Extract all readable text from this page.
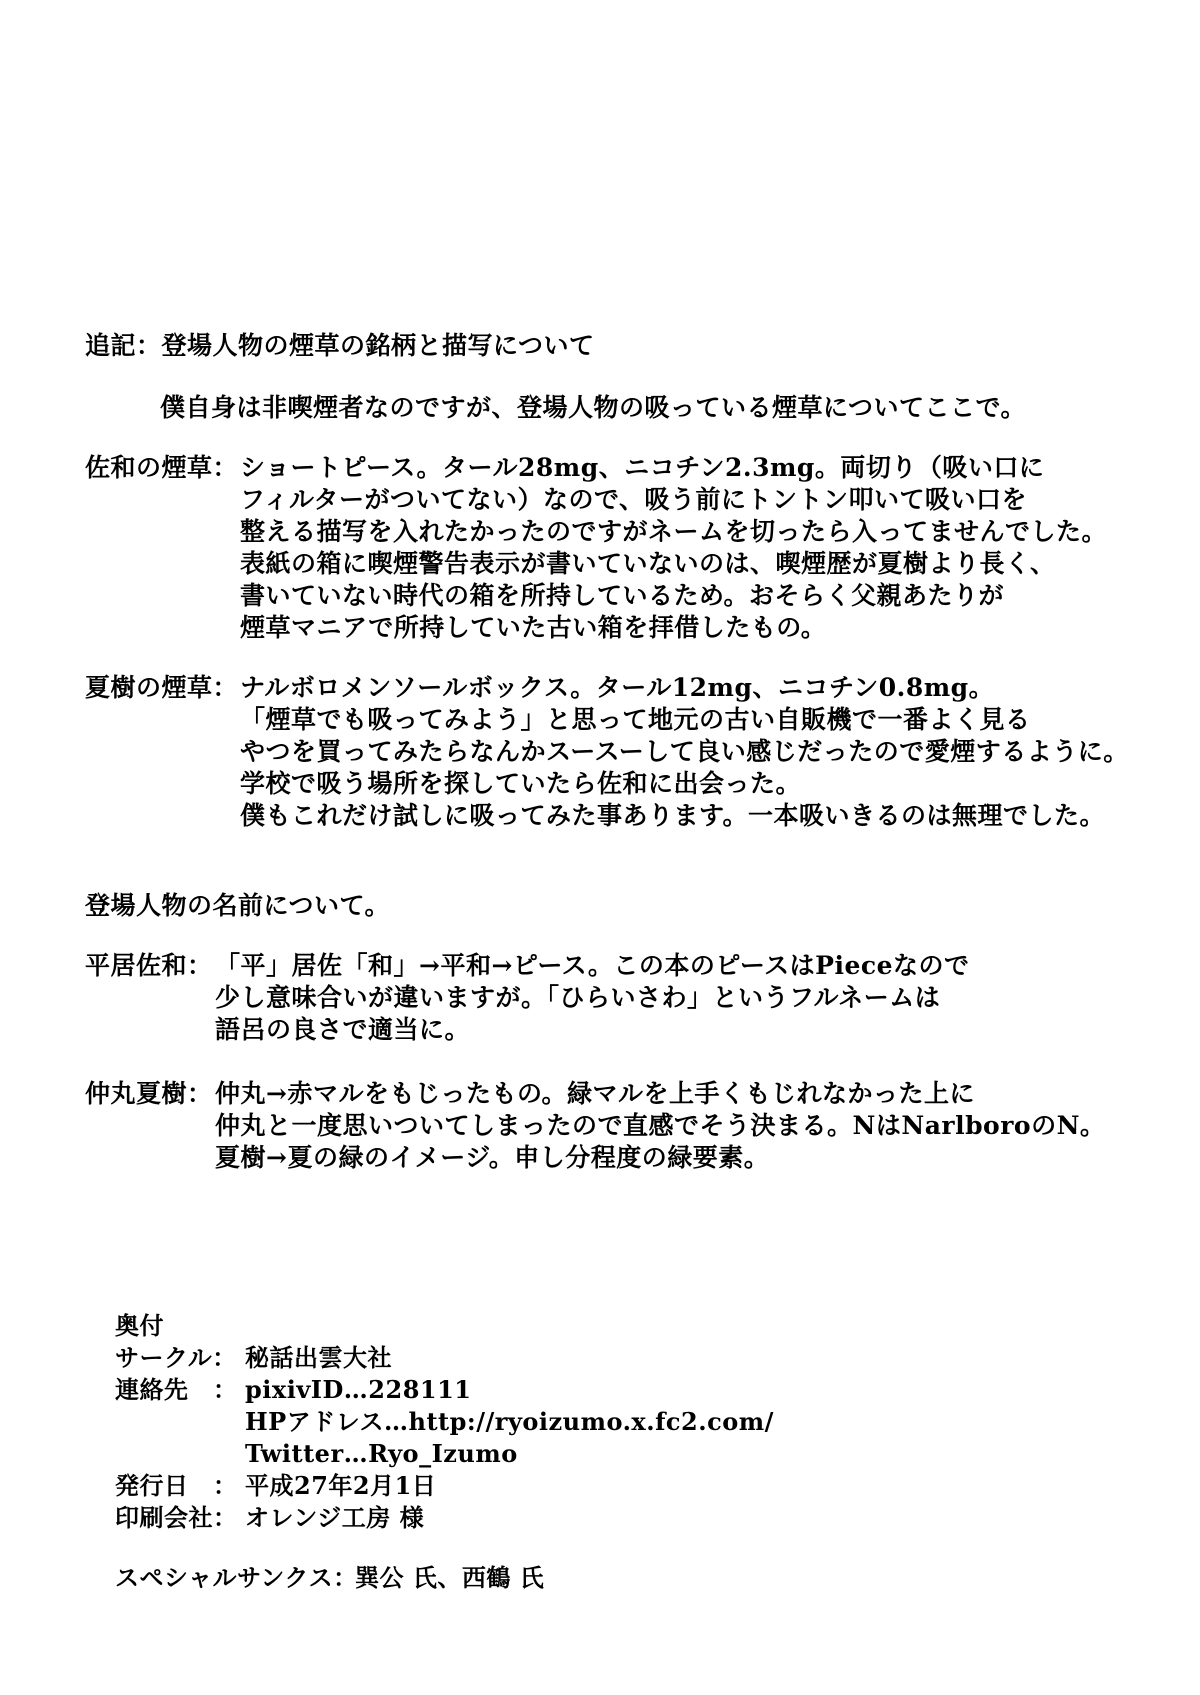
追記：登場人物の煙草の銘柄と描写について
僕自身は非喫煙者なのですが、登場人物の吸っている煙草についてここで。
佐和の煙草： ショートピース。タール28mg、ニコチン2.3mg。両切り（吸い口に
フィルターがついてない）なので、吸う前にトントン叩いて吸い口を
整える描写を入れたかったのですがネームを切ったら入ってませんでした。
表紙の箱に喫煙警告表示が書いていないのは、喫煙歴が夏樹より長く、
書いていない時代の箱を所持しているため。おそらく父親あたりが
煙草マニアで所持していた古い箱を拝借したもの。
夏樹の煙草： ナルボロメンソールボックス。タール12mg、ニコチン0.8mg。
「煙草でも吸ってみよう」と思って地元の古い自販機で一番よく見る
やつを買ってみたらなんかスースーして良い感じだったので愛煙するように。
学校で吸う場所を探していたら佐和に出会った。
僕もこれだけ試しに吸ってみた事あります。一本吸いきるのは無理でした。
登場人物の名前について。
平居佐和： 「平」居佐「和」→平和→ピース。この本のピースはPieceなので
少し意味合いが違いますが。「ひらいさわ」というフルネームは
語呂の良さで適当に。
仲丸夏樹： 仲丸→赤マルをもじったもの。緑マルを上手くもじれなかった上に
仲丸と一度思いついてしまったので直感でそう決まる。NはNarlboroのN。
夏樹→夏の緑のイメージ。申し分程度の緑要素。
奥付
サークル： 秘話出雲大社
連絡先　： pixivID…228111
HPアドレス…http://ryoizumo.x.fc2.com/
Twitter…Ryo_Izumo
発行日　： 平成27年2月1日
印刷会社： オレンジ工房 様
スペシャルサンクス：
巽公 氏、西鶴 氏
